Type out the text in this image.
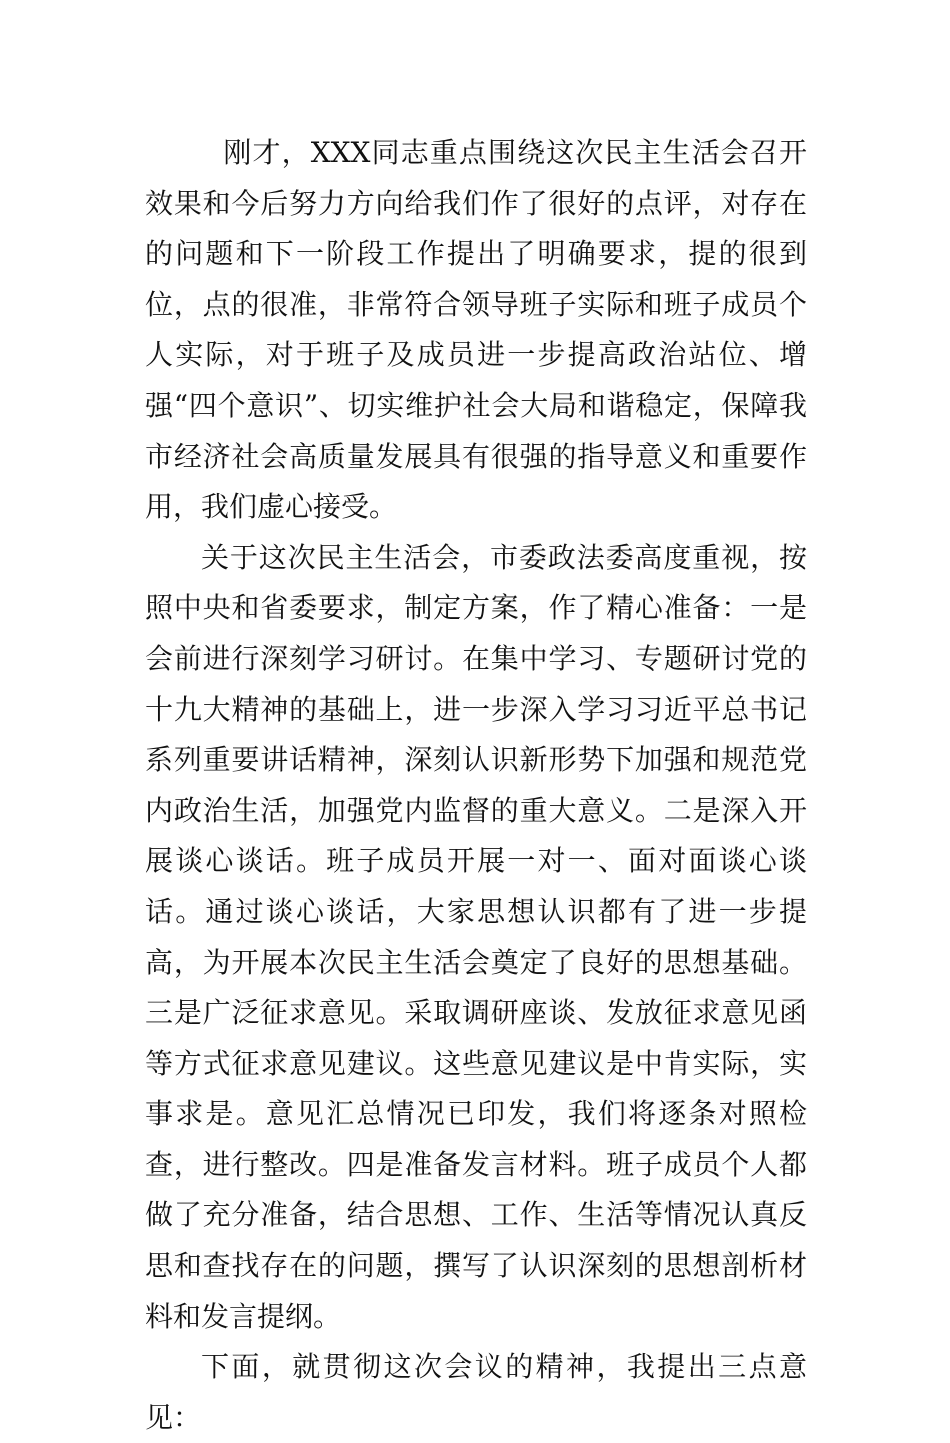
刚才，XXX同志重点围绕这次民主生活会召开效果和今后努力方向给我们作了很好的点评，对存在的问题和下一阶段工作提出了明确要求，提的很到位，点的很准，非常符合领导班子实际和班子成员个人实际，对于班子及成员进一步提高政治站位、增强“四个意识”、切实维护社会大局和谐稳定，保障我市经济社会高质量发展具有很强的指导意义和重要作用，我们虚心接受。

关于这次民主生活会，市委政法委高度重视，按照中央和省委要求，制定方案，作了精心准备：一是会前进行深刻学习研讨。在集中学习、专题研讨党的十九大精神的基础上，进一步深入学习习近平总书记系列重要讲话精神，深刻认识新形势下加强和规范党内政治生活，加强党内监督的重大意义。二是深入开展谈心谈话。班子成员开展一对一、面对面谈心谈话。通过谈心谈话，大家思想认识都有了进一步提高，为开展本次民主生活会奠定了良好的思想基础。三是广泛征求意见。采取调研座谈、发放征求意见函等方式征求意见建议。这些意见建议是中肯实际，实事求是。意见汇总情况已印发，我们将逐条对照检查，进行整改。四是准备发言材料。班子成员个人都做了充分准备，结合思想、工作、生活等情况认真反思和查找存在的问题，撰写了认识深刻的思想剖析材料和发言提纲。

下面，就贯彻这次会议的精神，我提出三点意见：
